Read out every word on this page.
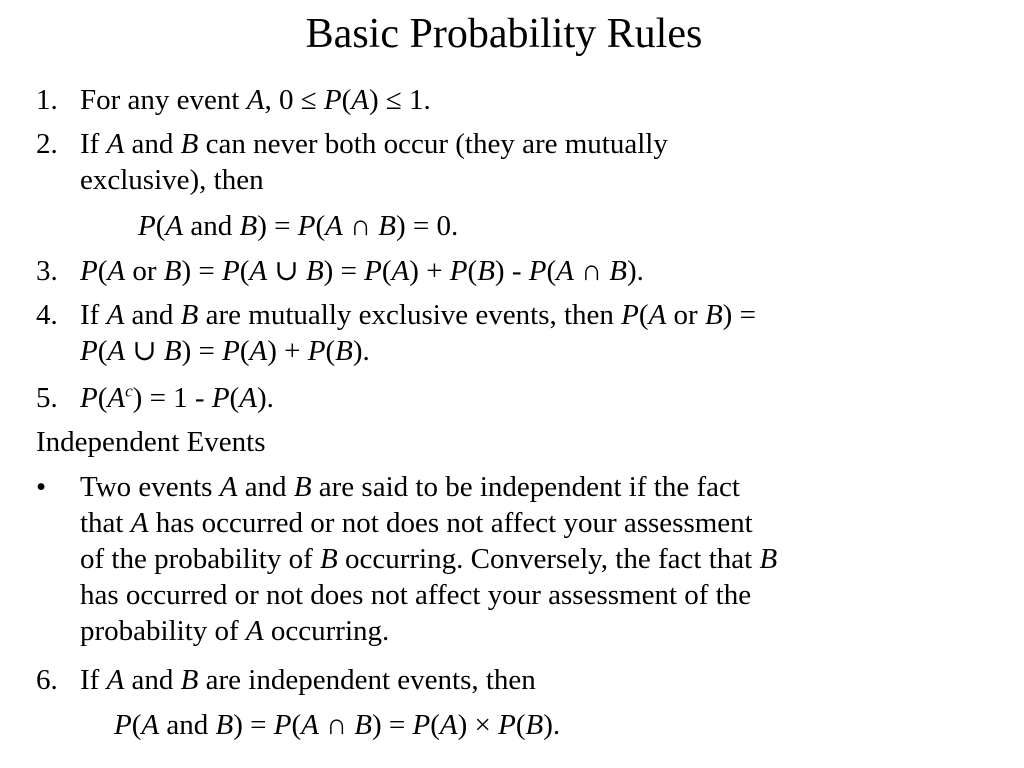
Basic Probability Rules
1. For any event A, 0 ≤ P(A) ≤ 1.
2. If A and B can never both occur (they are mutually
exclusive), then
P(A and B) = P(A ∩ B) = 0.
3. P(A or B) = P(A ∪ B) = P(A) + P(B) - P(A ∩ B).
4. If A and B are mutually exclusive events, then P(A or B) =
P(A ∪ B) = P(A) + P(B).
5. $P(A^c) = 1 - P(A)$.
Independent Events
• Two events A and B are said to be independent if the fact
that A has occurred or not does not affect your assessment
of the probability of B occurring. Conversely, the fact that B
has occurred or not does not affect your assessment of the
probability of A occurring.
6. If A and B are independent events, then
P(A and B) = P(A ∩ B) = P(A) × P(B).
